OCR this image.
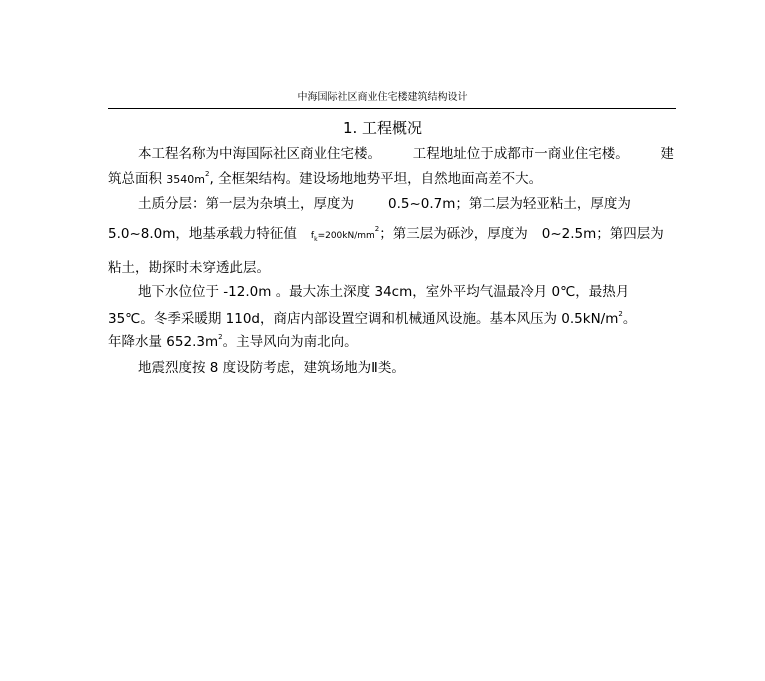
中海国际社区商业住宅楼建筑结构设计
1. 工程概况
本工程名称为中海国际社区商业住宅楼。 工程地址位于成都市一商业住宅楼。 建
筑总面积 $3540m^2$, 全框架结构。建设场地地势平坦，自然地面高差不大。
土质分层：第一层为杂填土，厚度为	0.5~0.7m；第二层为轻亚粘土，厚度为
5.0~8.0m，地基承载力特征值 $f_k=200kN/mm^2$；第三层为砾沙，厚度为 0~2.5m；第四层为
粘土，勘探时未穿透此层。
地下水位位于 -12.0m 。最大冻土深度 34cm，室外平均气温最冷月 0℃，最热月
35℃。冬季采暖期 110d，商店内部设置空调和机械通风设施。基本风压为 $0.5kN/m^2$。
年降水量 $652.3m^2$。主导风向为南北向。
地震烈度按 8 度设防考虑，建筑场地为Ⅱ类。
